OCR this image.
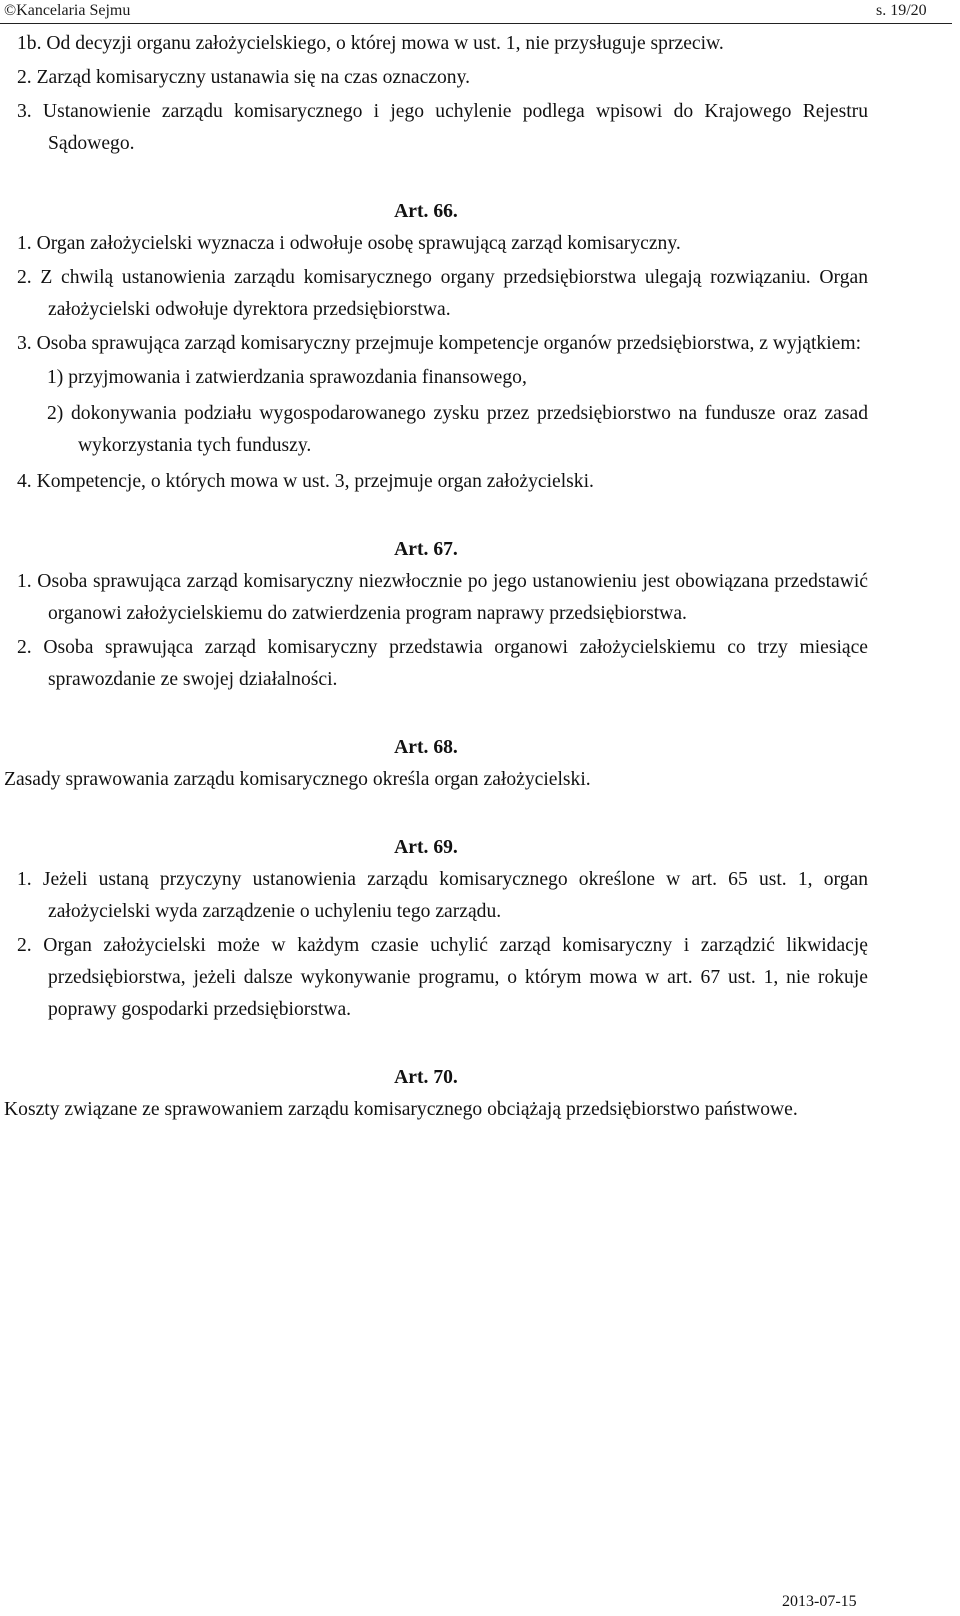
©Kancelaria Sejmu	s. 19/20

1b. Od decyzji organu założycielskiego, o której mowa w ust. 1, nie przysługuje sprzeciw.

2. Zarząd komisaryczny ustanawia się na czas oznaczony.

3. Ustanowienie zarządu komisarycznego i jego uchylenie podlega wpisowi do Krajowego Rejestru Sądowego.

Art. 66.

1. Organ założycielski wyznacza i odwołuje osobę sprawującą zarząd komisaryczny.

2. Z chwilą ustanowienia zarządu komisarycznego organy przedsiębiorstwa ulegają rozwiązaniu. Organ założycielski odwołuje dyrektora przedsiębiorstwa.

3. Osoba sprawująca zarząd komisaryczny przejmuje kompetencje organów przedsiębiorstwa, z wyjątkiem:

1) przyjmowania i zatwierdzania sprawozdania finansowego,

2) dokonywania podziału wygospodarowanego zysku przez przedsiębiorstwo na fundusze oraz zasad wykorzystania tych funduszy.

4. Kompetencje, o których mowa w ust. 3, przejmuje organ założycielski.

Art. 67.

1. Osoba sprawująca zarząd komisaryczny niezwłocznie po jego ustanowieniu jest obowiązana przedstawić organowi założycielskiemu do zatwierdzenia program naprawy przedsiębiorstwa.

2. Osoba sprawująca zarząd komisaryczny przedstawia organowi założycielskiemu co trzy miesiące sprawozdanie ze swojej działalności.

Art. 68.

Zasady sprawowania zarządu komisarycznego określa organ założycielski.

Art. 69.

1. Jeżeli ustaną przyczyny ustanowienia zarządu komisarycznego określone w art. 65 ust. 1, organ założycielski wyda zarządzenie o uchyleniu tego zarządu.

2. Organ założycielski może w każdym czasie uchylić zarząd komisaryczny i zarządzić likwidację przedsiębiorstwa, jeżeli dalsze wykonywanie programu, o którym mowa w art. 67 ust. 1, nie rokuje poprawy gospodarki przedsiębiorstwa.

Art. 70.

Koszty związane ze sprawowaniem zarządu komisarycznego obciążają przedsiębiorstwo państwowe.

2013-07-15
